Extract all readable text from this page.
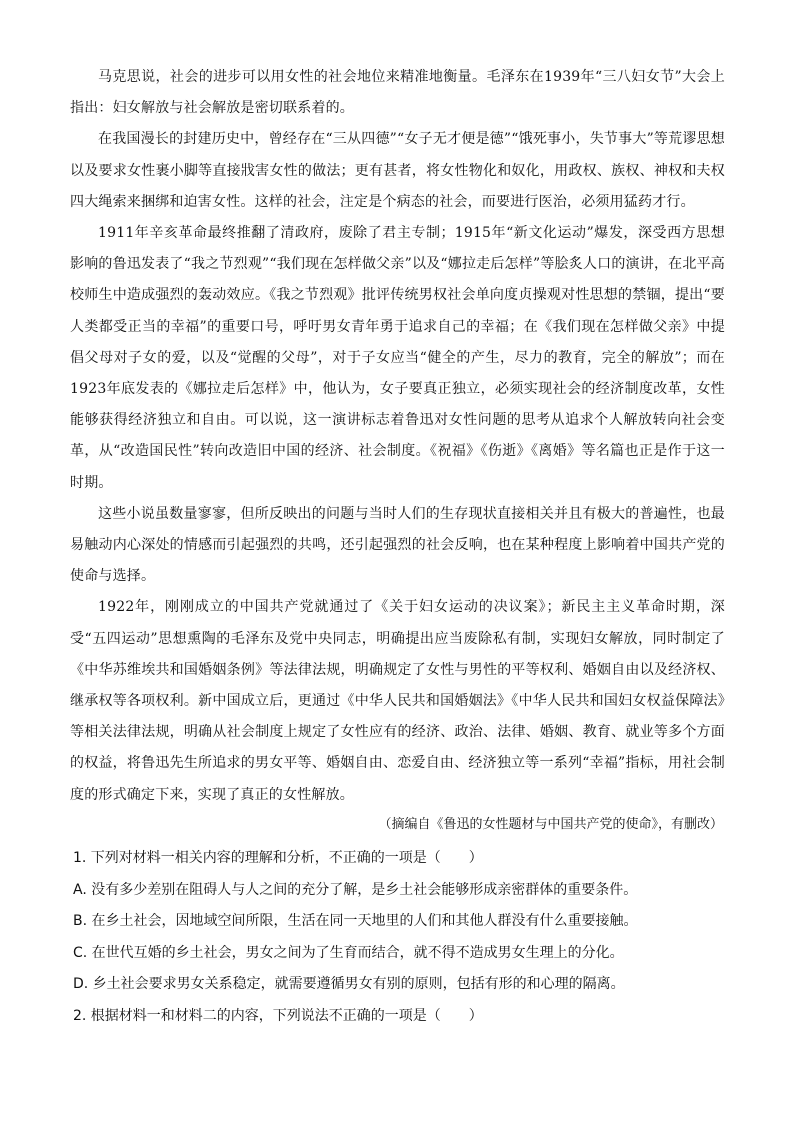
马克思说，社会的进步可以用女性的社会地位来精准地衡量。毛泽东在1939年“三八妇女节”大会上指出：妇女解放与社会解放是密切联系着的。

在我国漫长的封建历史中，曾经存在“三从四德”“女子无才便是德”“饿死事小，失节事大”等荒谬思想以及要求女性裹小脚等直接戕害女性的做法；更有甚者，将女性物化和奴化，用政权、族权、神权和夫权四大绳索来捆绑和迫害女性。这样的社会，注定是个病态的社会，而要进行医治，必须用猛药才行。

1911年辛亥革命最终推翻了清政府，废除了君主专制；1915年“新文化运动”爆发，深受西方思想影响的鲁迅发表了“我之节烈观”“我们现在怎样做父亲”以及“娜拉走后怎样”等脍炙人口的演讲，在北平高校师生中造成强烈的轰动效应。《我之节烈观》批评传统男权社会单向度贞操观对性思想的禁锢，提出“要人类都受正当的幸福”的重要口号，呼吁男女青年勇于追求自己的幸福；在《我们现在怎样做父亲》中提倡父母对子女的爱，以及“觉醒的父母”，对于子女应当“健全的产生，尽力的教育，完全的解放”；而在1923年底发表的《娜拉走后怎样》中，他认为，女子要真正独立，必须实现社会的经济制度改革，女性能够获得经济独立和自由。可以说，这一演讲标志着鲁迅对女性问题的思考从追求个人解放转向社会变革，从“改造国民性”转向改造旧中国的经济、社会制度。《祝福》《伤逝》《离婚》等名篇也正是作于这一时期。

这些小说虽数量寥寥，但所反映出的问题与当时人们的生存现状直接相关并且有极大的普遍性，也最易触动内心深处的情感而引起强烈的共鸣，还引起强烈的社会反响，也在某种程度上影响着中国共产党的使命与选择。

1922年，刚刚成立的中国共产党就通过了《关于妇女运动的决议案》；新民主主义革命时期，深受“五四运动”思想熏陶的毛泽东及党中央同志，明确提出应当废除私有制，实现妇女解放，同时制定了《中华苏维埃共和国婚姻条例》等法律法规，明确规定了女性与男性的平等权利、婚姻自由以及经济权、继承权等各项权利。新中国成立后，更通过《中华人民共和国婚姻法》《中华人民共和国妇女权益保障法》等相关法律法规，明确从社会制度上规定了女性应有的经济、政治、法律、婚姻、教育、就业等多个方面的权益，将鲁迅先生所追求的男女平等、婚姻自由、恋爱自由、经济独立等一系列“幸福”指标，用社会制度的形式确定下来，实现了真正的女性解放。

（摘编自《鲁迅的女性题材与中国共产党的使命》，有删改）

1. 下列对材料一相关内容的理解和分析，不正确的一项是（　　）

A. 没有多少差别在阻碍人与人之间的充分了解，是乡土社会能够形成亲密群体的重要条件。

B. 在乡土社会，因地域空间所限，生活在同一天地里的人们和其他人群没有什么重要接触。

C. 在世代互婚的乡土社会，男女之间为了生育而结合，就不得不造成男女生理上的分化。

D. 乡土社会要求男女关系稳定，就需要遵循男女有别的原则，包括有形的和心理的隔离。

2. 根据材料一和材料二的内容，下列说法不正确的一项是（　　）
